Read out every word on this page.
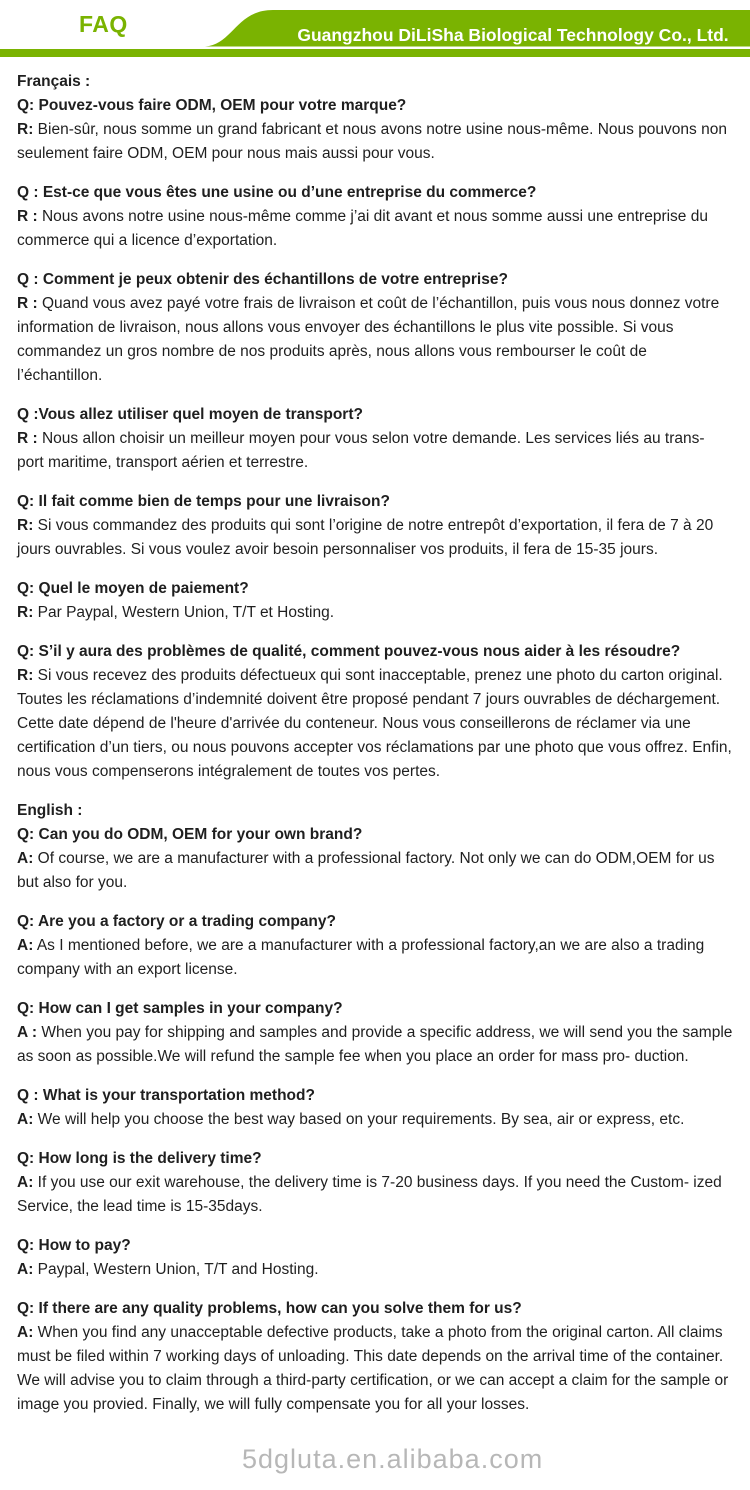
FAQ	Guangzhou DiLiSha Biological Technology Co., Ltd.

Français :

Q: Pouvez-vous faire ODM, OEM pour votre marque?

R: Bien-sûr, nous somme un grand fabricant et nous avons notre usine nous-même. Nous pouvons non seulement faire ODM, OEM pour nous mais aussi pour vous.

Q : Est-ce que vous êtes une usine ou d’une entreprise du commerce?

R : Nous avons notre usine nous-même comme j’ai dit avant et nous somme aussi une entreprise du commerce qui a licence d’exportation.

Q : Comment je peux obtenir des échantillons de votre entreprise?

R : Quand vous avez payé votre frais de livraison et coût de l’échantillon, puis vous nous donnez votre information de livraison, nous allons vous envoyer des échantillons le plus vite possible. Si vous commandez un gros nombre de nos produits après, nous allons vous rembourser le coût de l’échantillon.

Q :Vous allez utiliser quel moyen de transport?

R : Nous allon choisir un meilleur moyen pour vous selon votre demande. Les services liés au trans- port maritime, transport aérien et terrestre.

Q: Il fait comme bien de temps pour une livraison?

R: Si vous commandez des produits qui sont l’origine de notre entrepôt d’exportation, il fera de 7 à 20 jours ouvrables. Si vous voulez avoir besoin personnaliser vos produits, il fera de 15-35 jours.

Q: Quel le moyen de paiement?

R: Par Paypal, Western Union, T/T et Hosting.

Q: S’il y aura des problèmes de qualité, comment pouvez-vous nous aider à les résoudre?

R: Si vous recevez des produits défectueux qui sont inacceptable, prenez une photo du carton original. Toutes les réclamations d’indemnité doivent être proposé pendant 7 jours ouvrables de déchargement. Cette date dépend de l'heure d'arrivée du conteneur. Nous vous conseillerons de réclamer via une certification d’un tiers, ou nous pouvons accepter vos réclamations par une photo que vous offrez. Enfin, nous vous compenserons intégralement de toutes vos pertes.

English :

Q: Can you do ODM, OEM for your own brand?

A: Of course, we are a manufacturer with a professional factory. Not only we can do ODM,OEM for us but also for you.

Q: Are you a factory or a trading company?

A: As I mentioned before, we are a manufacturer with a professional factory,an we are also a trading company with an export license.

Q: How can I get samples in your company?

A : When you pay for shipping and samples and provide a specific address, we will send you the sample as soon as possible.We will refund the sample fee when you place an order for mass pro- duction.

Q : What is your transportation method?

A: We will help you choose the best way based on your requirements. By sea, air or express, etc.

Q: How long is the delivery time?

A: If you use our exit warehouse, the delivery time is 7-20 business days. If you need the Custom- ized Service, the lead time is 15-35days.

Q: How to pay?

A: Paypal, Western Union, T/T and Hosting.

Q: If there are any quality problems, how can you solve them for us?

A: When you find any unacceptable defective products, take a photo from the original carton. All claims must be filed within 7 working days of unloading. This date depends on the arrival time of the container. We will advise you to claim through a third-party certification, or we can accept a claim for the sample or image you provied. Finally, we will fully compensate you for all your losses.

5dgluta.en.alibaba.com
